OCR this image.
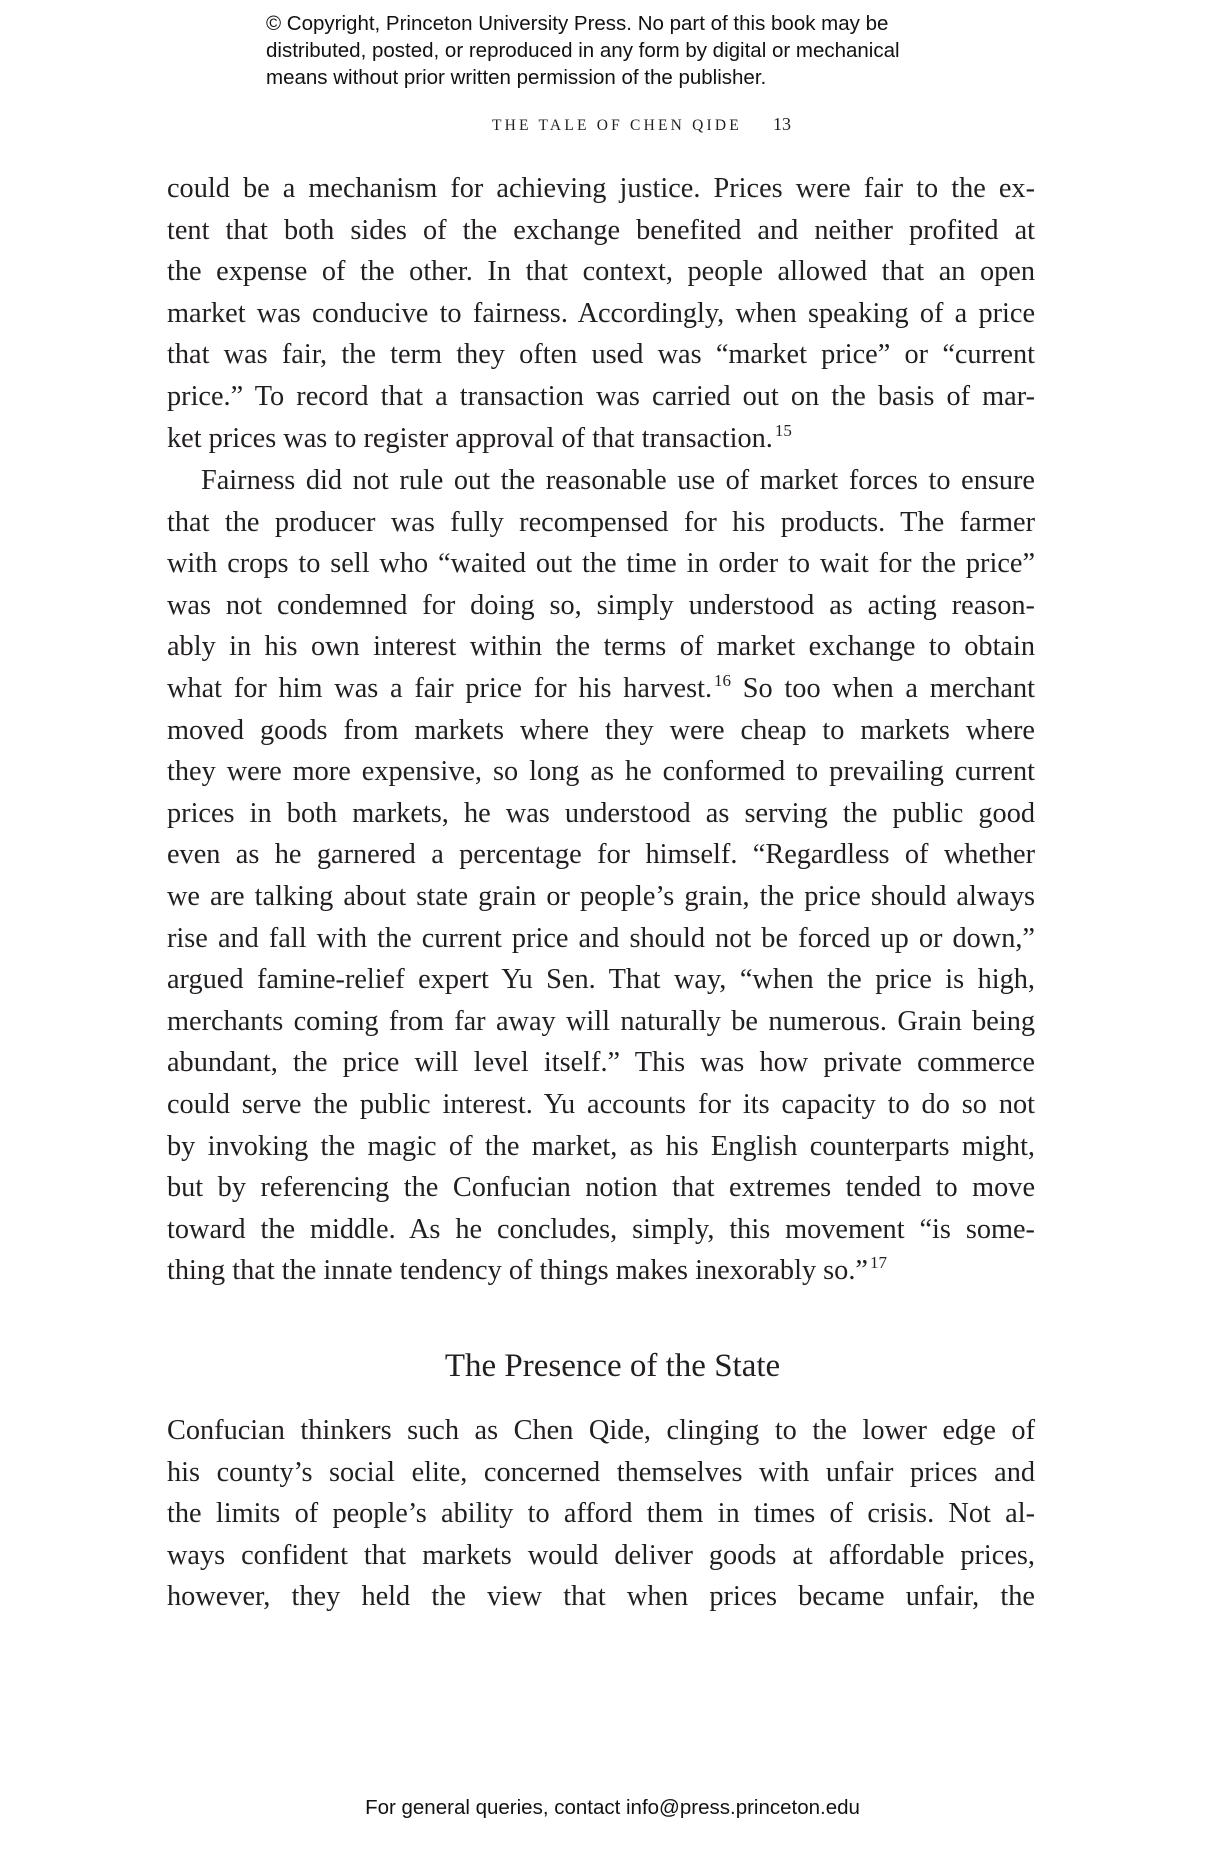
© Copyright, Princeton University Press. No part of this book may be
distributed, posted, or reproduced in any form by digital or mechanical
means without prior written permission of the publisher.
THE TALE OF CHEN QIDE 13
could be a mechanism for achieving justice. Prices were fair to the ex-
tent that both sides of the exchange benefited and neither profited at
the expense of the other. In that context, people allowed that an open
market was conducive to fairness. Accordingly, when speaking of a price
that was fair, the term they often used was “market price” or “current
price.” To record that a transaction was carried out on the basis of mar-
ket prices was to register approval of that transaction. $^{15}$
Fairness did not rule out the reasonable use of market forces to ensure
that the producer was fully recompensed for his products. The farmer
with crops to sell who “waited out the time in order to wait for the price”
was not condemned for doing so, simply understood as acting reason-
ably in his own interest within the terms of market exchange to obtain
what for him was a fair price for his harvest. $^{16}$ So too when a merchant
moved goods from markets where they were cheap to markets where
they were more expensive, so long as he conformed to prevailing current
prices in both markets, he was understood as serving the public good
even as he garnered a percentage for himself. “Regardless of whether
we are talking about state grain or people’s grain, the price should always
rise and fall with the current price and should not be forced up or down,”
argued famine-relief expert Yu Sen. That way, “when the price is high,
merchants coming from far away will naturally be numerous. Grain being
abundant, the price will level itself.” This was how private commerce
could serve the public interest. Yu accounts for its capacity to do so not
by invoking the magic of the market, as his English counterparts might,
but by referencing the Confucian notion that extremes tended to move
toward the middle. As he concludes, simply, this movement “is some-
thing that the innate tendency of things makes inexorably so.” $^{17}$
The Presence of the State
Confucian thinkers such as Chen Qide, clinging to the lower edge of
his county’s social elite, concerned themselves with unfair prices and
the limits of people’s ability to afford them in times of crisis. Not al-
ways confident that markets would deliver goods at affordable prices,
however, they held the view that when prices became unfair, the
For general queries, contact info@press.princeton.edu
